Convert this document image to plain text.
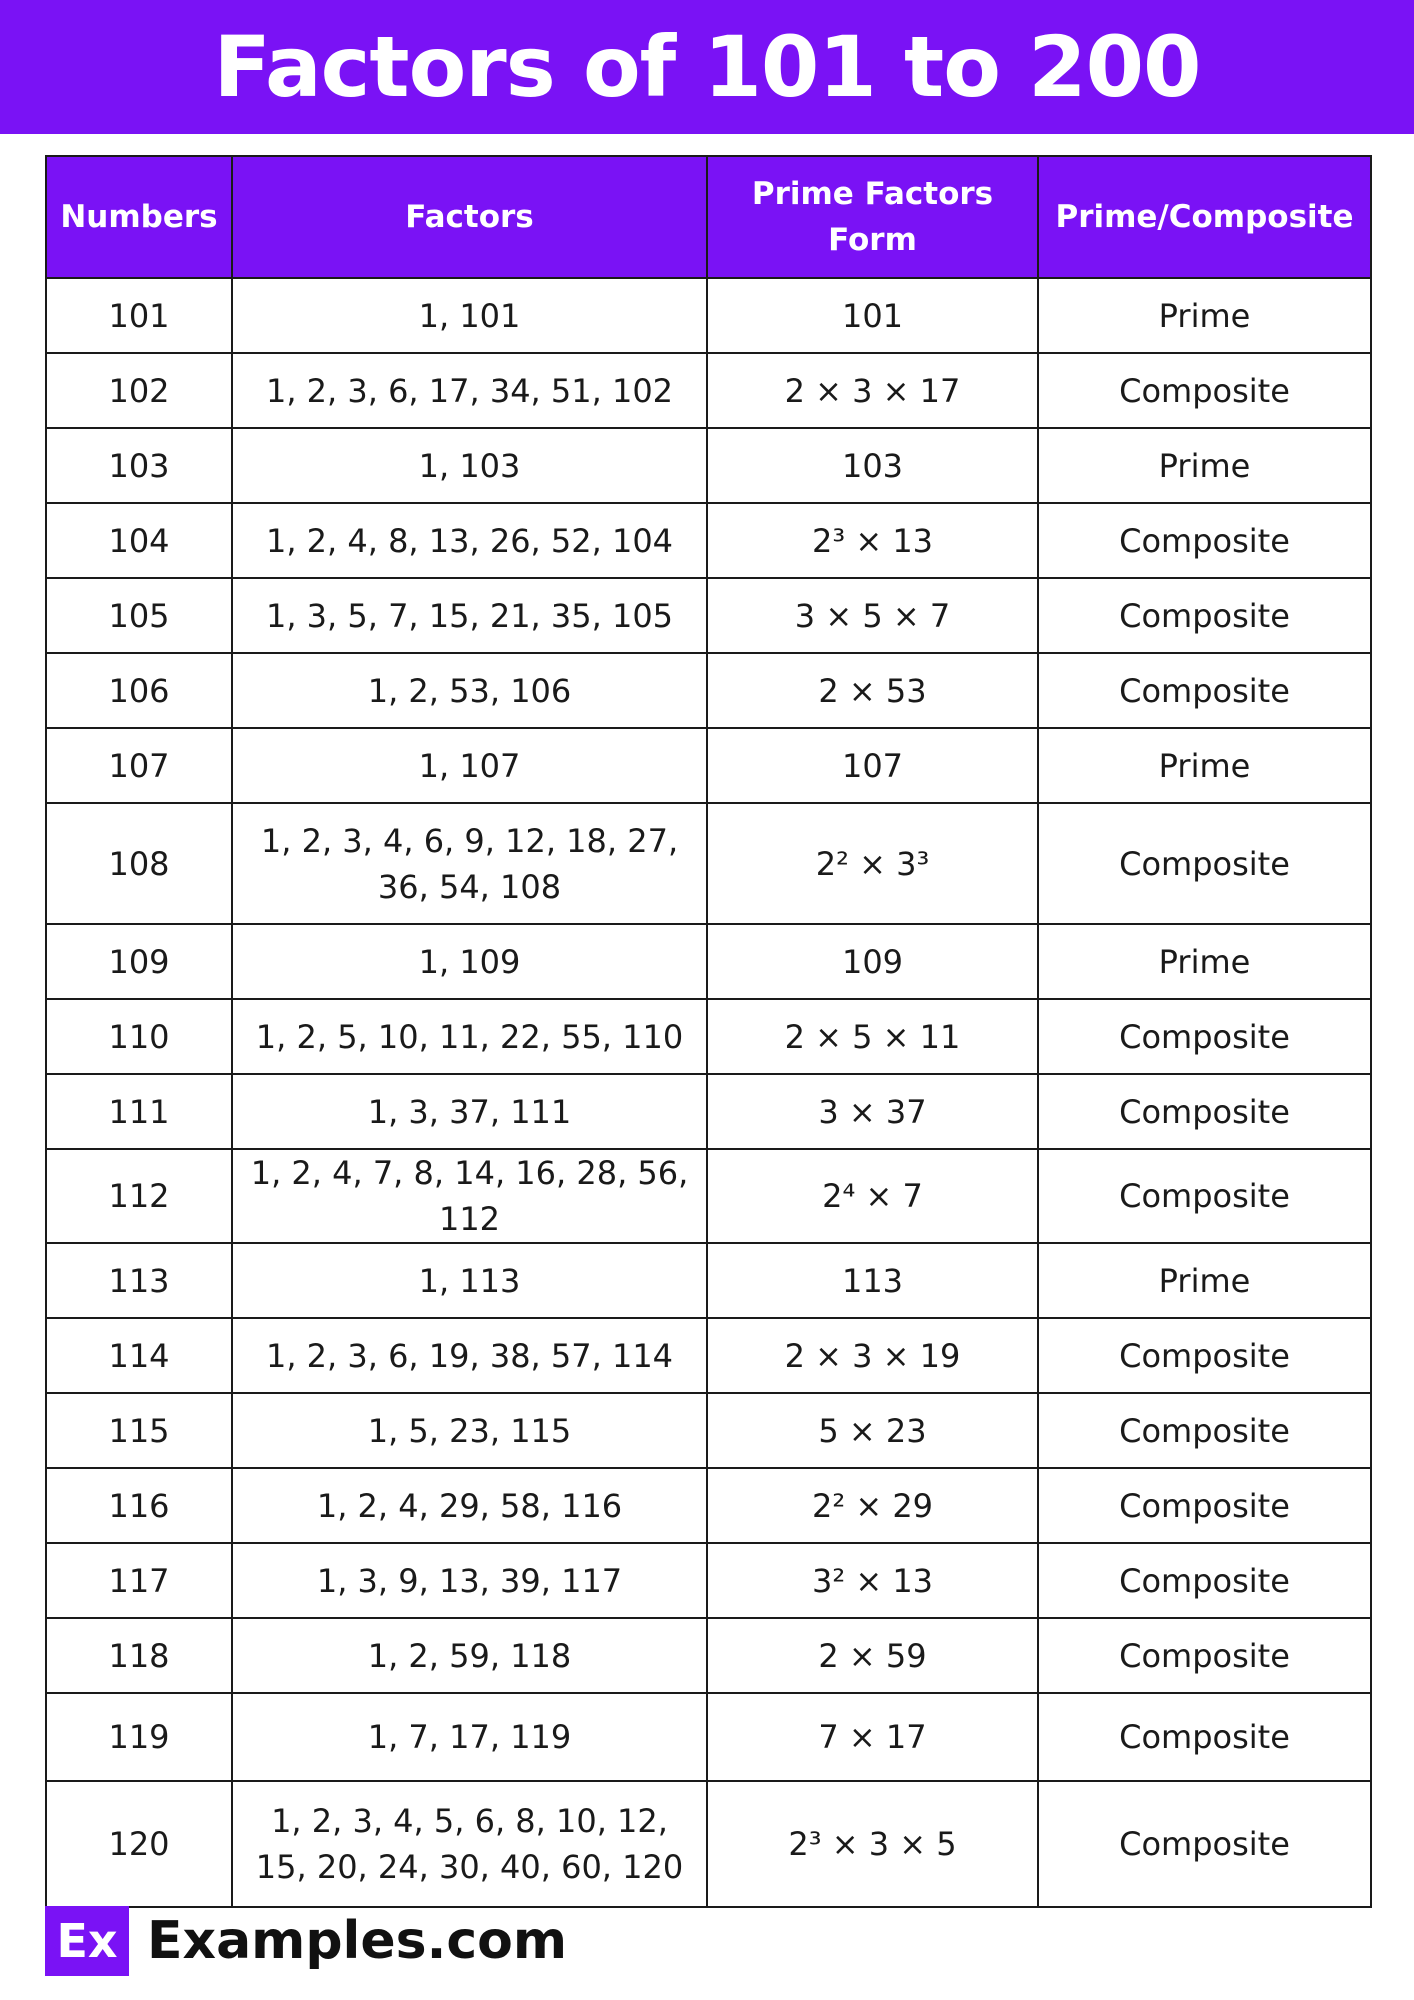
Factors of 101 to 200
Numbers	Factors	Prime Factors Form	Prime/Composite
101	1, 101	101	Prime
102	1, 2, 3, 6, 17, 34, 51, 102	2 × 3 × 17	Composite
103	1, 103	103	Prime
104	1, 2, 4, 8, 13, 26, 52, 104	2³ × 13	Composite
105	1, 3, 5, 7, 15, 21, 35, 105	3 × 5 × 7	Composite
106	1, 2, 53, 106	2 × 53	Composite
107	1, 107	107	Prime
108	1, 2, 3, 4, 6, 9, 12, 18, 27, 36, 54, 108	2² × 3³	Composite
109	1, 109	109	Prime
110	1, 2, 5, 10, 11, 22, 55, 110	2 × 5 × 11	Composite
111	1, 3, 37, 111	3 × 37	Composite
112	1, 2, 4, 7, 8, 14, 16, 28, 56, 112	2⁴ × 7	Composite
113	1, 113	113	Prime
114	1, 2, 3, 6, 19, 38, 57, 114	2 × 3 × 19	Composite
115	1, 5, 23, 115	5 × 23	Composite
116	1, 2, 4, 29, 58, 116	2² × 29	Composite
117	1, 3, 9, 13, 39, 117	3² × 13	Composite
118	1, 2, 59, 118	2 × 59	Composite
119	1, 7, 17, 119	7 × 17	Composite
120	1, 2, 3, 4, 5, 6, 8, 10, 12, 15, 20, 24, 30, 40, 60, 120	2³ × 3 × 5	Composite
Ex Examples.com
